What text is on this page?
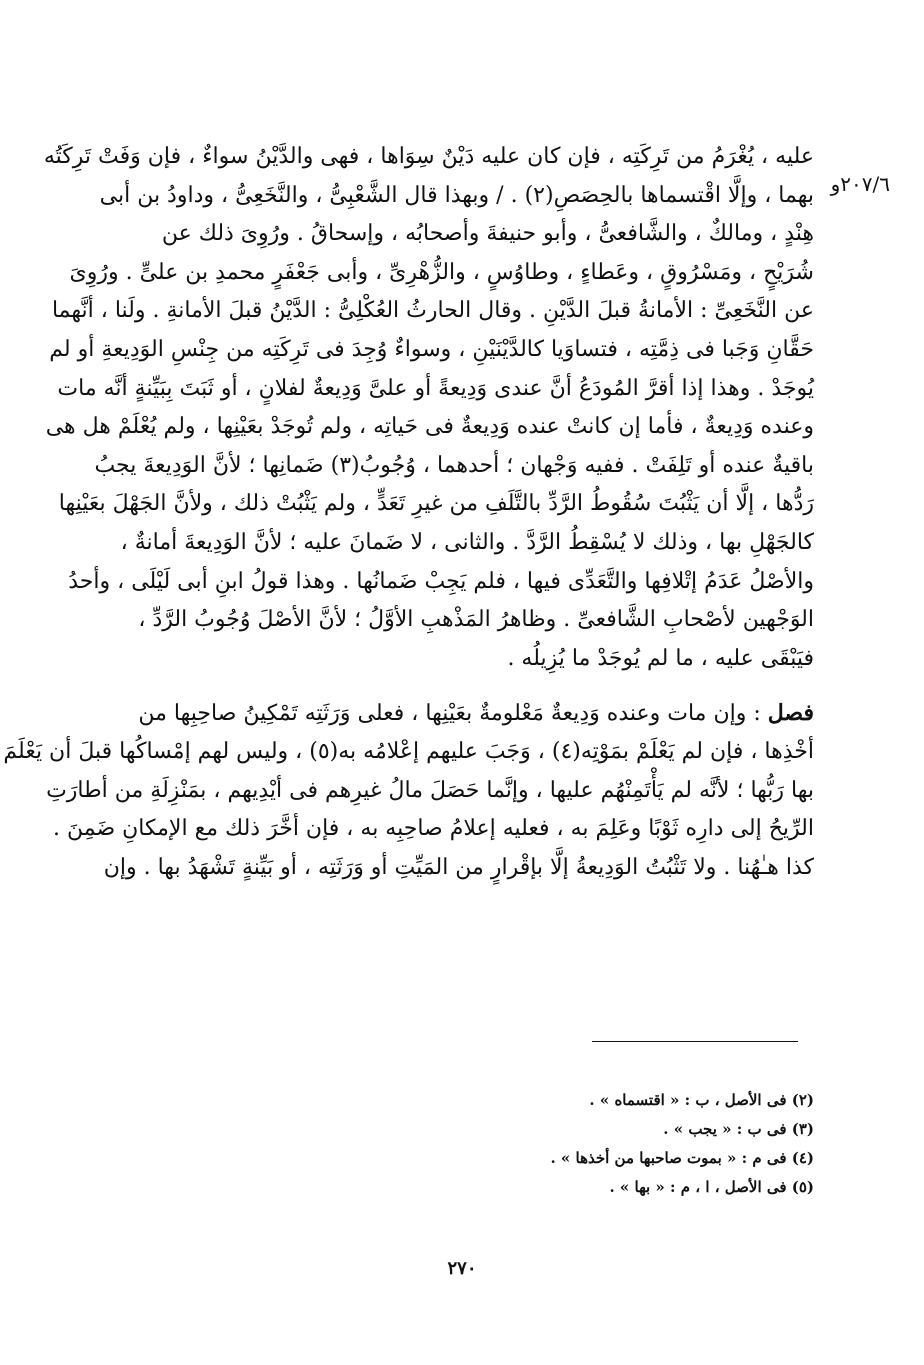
٢٠٧/٦و
عليه ، يُغْرَمُ من تَرِكَتِه ، فإن كان عليه دَيْنٌ سِوَاها ، فهى والدَّيْنُ سواءٌ ، فإن وَفَتْ تَرِكَتُه
بهما ، وإلَّا اقْتسماها بالحِصَصِ(٢) . / وبهذا قال الشَّعْبِىُّ ، والنَّخَعِىُّ ، وداودُ بن أبى
هِنْدٍ ، ومالكٌ ، والشَّافعىُّ ، وأبو حنيفةَ وأصحابُه ، وإسحاقُ . ورُوِىَ ذلك عن
شُرَيْحٍ ، ومَسْرُوقٍ ، وعَطاءٍ ، وطاوُسٍ ، والزُّهْرِىِّ ، وأبى جَعْفَرٍ محمدِ بن علىٍّ . ورُوِىَ
عن النَّخَعِىِّ : الأمانةُ قبلَ الدَّيْنِ . وقال الحارثُ العُكْلِىُّ : الدَّيْنُ قبلَ الأمانةِ . ولَنا ، أنَّهما
حَقَّانِ وَجَبا فى ذِمَّتِه ، فتساوَيا كالدَّيْنَيْنِ ، وسواءٌ وُجِدَ فى تَرِكَتِه من جِنْسِ الوَدِيعةِ أو لم
يُوجَدْ . وهذا إذا أقرَّ المُودَعُ أنَّ عندى وَدِيعةً أو علىَّ وَدِيعةٌ لفلانٍ ، أو ثَبَتَ بِبَيِّنةٍ أنَّه مات
وعنده وَدِيعةٌ ، فأما إن كانتْ عنده وَدِيعةٌ فى حَياتِه ، ولم تُوجَدْ بعَيْنِها ، ولم يُعْلَمْ هل هى
باقيةٌ عنده أو تَلِفَتْ . ففيه وَجْهان ؛ أحدهما ، وُجُوبُ(٣) ضَمانِها ؛ لأنَّ الوَدِيعةَ يجبُ
رَدُّها ، إلَّا أن يَثْبُتَ سُقُوطُ الرَّدِّ بالتَّلَفِ من غيرِ تَعَدٍّ ، ولم يَثْبُتْ ذلك ، ولأنَّ الجَهْلَ بعَيْنِها
كالجَهْلِ بها ، وذلك لا يُسْقِطُ الرَّدَّ . والثانى ، لا ضَمانَ عليه ؛ لأنَّ الوَدِيعةَ أمانةٌ ،
والأصْلُ عَدَمُ إتْلافِها والتَّعَدِّى فيها ، فلم يَجِبْ ضَمانُها . وهذا قولُ ابنِ أبى لَيْلَى ، وأحدُ
الوَجْهين لأصْحابِ الشَّافعىِّ . وظاهرُ المَذْهبِ الأوَّلُ ؛ لأنَّ الأصْلَ وُجُوبُ الرَّدِّ ،
فيَبْقَى عليه ، ما لم يُوجَدْ ما يُزِيلُه .
فصل : وإن مات وعنده وَدِيعةٌ مَعْلومةٌ بعَيْنِها ، فعلى وَرَثَتِه تَمْكِينُ صاحِبِها من
أخْذِها ، فإن لم يَعْلَمْ بمَوْتِه(٤) ، وَجَبَ عليهم إعْلامُه به(٥) ، وليس لهم إمْساكُها قبلَ أن يَعْلَمَ
بها رَبُّها ؛ لأنَّه لم يَأْتَمِنْهُم عليها ، وإنَّما حَصَلَ مالُ غيرِهم فى أيْدِيهم ، بمَنْزِلَةِ من أطارَتِ
الرِّيحُ إلى دارِه ثَوْبًا وعَلِمَ به ، فعليه إعلامُ صاحِبِه به ، فإن أخَّرَ ذلك مع الإمكانِ ضَمِنَ .
كذا هـٰهُنا . ولا تَثْبُتُ الوَدِيعةُ إلَّا بإقْرارٍ من المَيِّتِ أو وَرَثَتِه ، أو بَيِّنةٍ تَشْهَدُ بها . وإن
(٢) فى الأصل ، ب : « اقتسماه » .
(٣) فى ب : « يجب » .
(٤) فى م : « بموت صاحبها من أخذها » .
(٥) فى الأصل ، ا ، م : « بها » .
٢٧٠
